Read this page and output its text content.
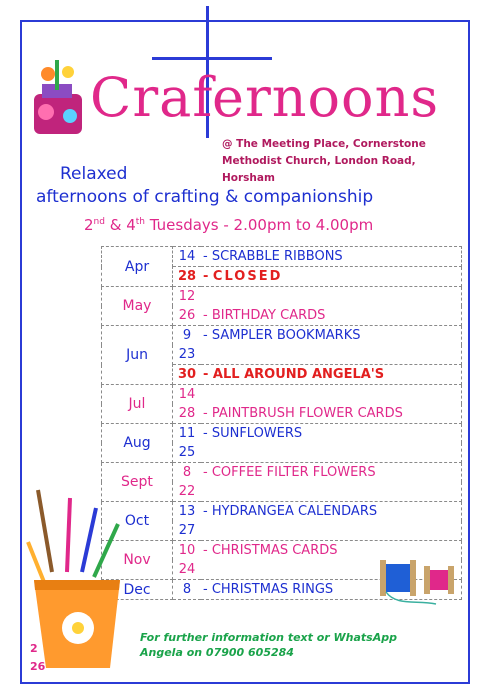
Craf
ernoons
@ The Meeting Place, Cornerstone
Methodist Church, London Road, Horsham
Relaxed
afternoons of crafting & companionship
2nd & 4th Tuesdays - 2.00pm to 4.00pm
Apr	14	- SCRABBLE RIBBONS
	28	- CLOSED
May	12	
	26	- BIRTHDAY CARDS
Jun	9	- SAMPLER BOOKMARKS
	23	
	30	- ALL AROUND ANGELA'S
Jul	14	
	28	- PAINTBRUSH FLOWER CARDS
Aug	11	- SUNFLOWERS
	25	
Sept	8	- COFFEE FILTER FLOWERS
	22	
Oct	13	- HYDRANGEA CALENDARS
	27	
Nov	10	- CHRISTMAS CARDS
	24	
Dec	8	- CHRISTMAS RINGS
For further information text or WhatsApp
Angela on 07900 605284
2
26
